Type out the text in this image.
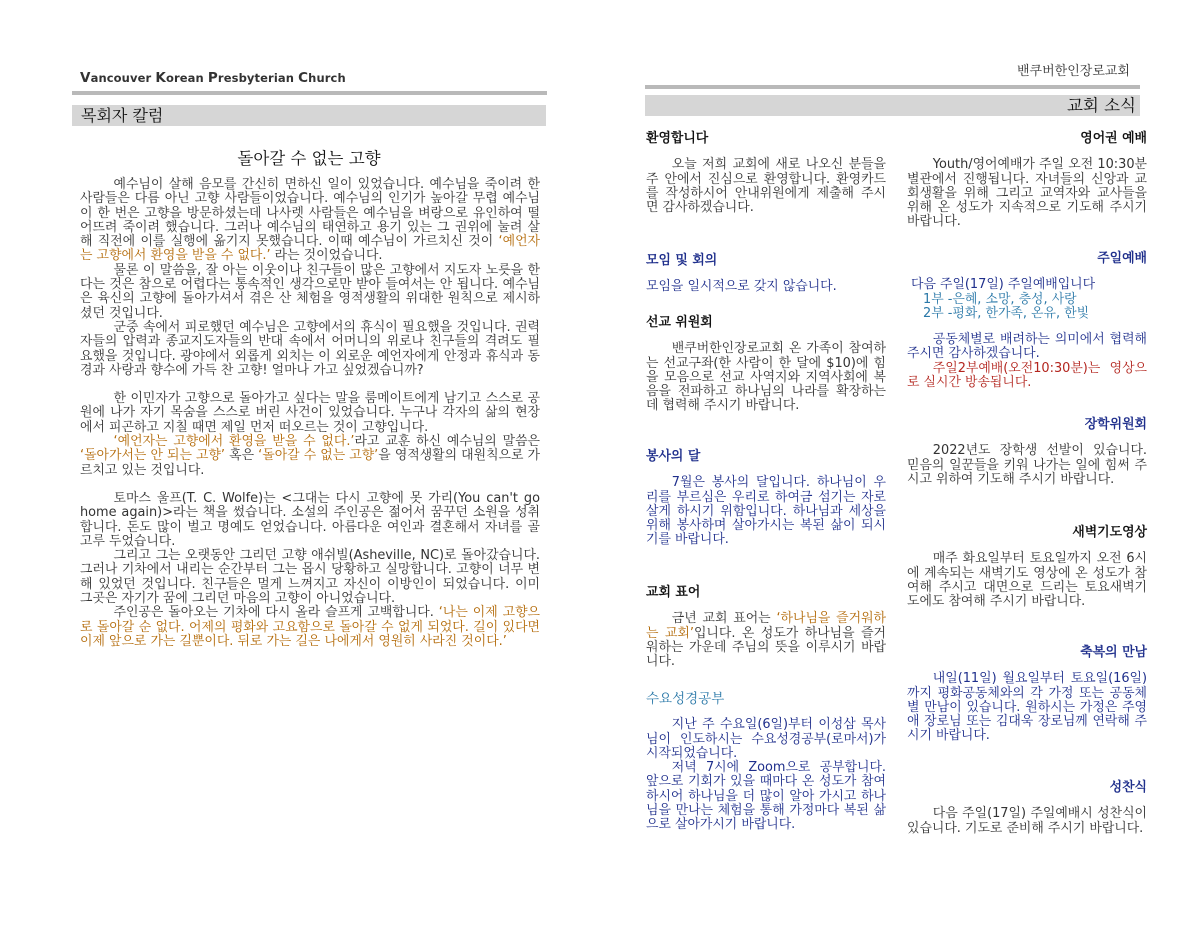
Vancouver Korean Presbyterian Church
목회자 칼럼
돌아갈 수 없는 고향

예수님이 살해 음모를 간신히 면하신 일이 있었습니다. 예수님을 죽이려 한 사람들은 다름 아닌 고향 사람들이었습니다. 예수님의 인기가 높아갈 무렵 예수님이 한 번은 고향을 방문하셨는데 나사렛 사람들은 예수님을 벼랑으로 유인하여 떨어뜨려 죽이려 했습니다. 그러나 예수님의 태연하고 용기 있는 그 권위에 눌려 살해 직전에 이를 실행에 옮기지 못했습니다. 이때 예수님이 가르치신 것이 ‘예언자는 고향에서 환영을 받을 수 없다.’ 라는 것이었습니다.

물론 이 말씀을, 잘 아는 이웃이나 친구들이 많은 고향에서 지도자 노릇을 한다는 것은 참으로 어렵다는 통속적인 생각으로만 받아 들여서는 안 됩니다. 예수님은 육신의 고향에 돌아가셔서 겪은 산 체험을 영적생활의 위대한 원칙으로 제시하셨던 것입니다.

군중 속에서 피로했던 예수님은 고향에서의 휴식이 필요했을 것입니다. 권력자들의 압력과 종교지도자들의 반대 속에서 어머니의 위로나 친구들의 격려도 필요했을 것입니다. 광야에서 외롭게 외치는 이 외로운 예언자에게 안정과 휴식과 동경과 사랑과 향수에 가득 찬 고향! 얼마나 가고 싶었겠습니까?

한 이민자가 고향으로 돌아가고 싶다는 말을 룸메이트에게 남기고 스스로 공원에 나가 자기 목숨을 스스로 버린 사건이 있었습니다. 누구나 각자의 삶의 현장에서 피곤하고 지칠 때면 제일 먼저 떠오르는 것이 고향입니다.

‘예언자는 고향에서 환영을 받을 수 없다.’라고 교훈 하신 예수님의 말씀은 ‘돌아가서는 안 되는 고향’ 혹은 ‘돌아갈 수 없는 고향’을 영적생활의 대원칙으로 가르치고 있는 것입니다.

토마스 울프(T. C. Wolfe)는 <그대는 다시 고향에 못 가리(You can't go home again)>라는 책을 썼습니다. 소설의 주인공은 젊어서 꿈꾸던 소원을 성취합니다. 돈도 많이 벌고 명예도 얻었습니다. 아름다운 여인과 결혼해서 자녀를 골고루 두었습니다.

그리고 그는 오랫동안 그리던 고향 애쉬빌(Asheville, NC)로 돌아갔습니다. 그러나 기차에서 내리는 순간부터 그는 몹시 당황하고 실망합니다. 고향이 너무 변해 있었던 것입니다. 친구들은 멀게 느껴지고 자신이 이방인이 되었습니다. 이미 그곳은 자기가 꿈에 그리던 마음의 고향이 아니었습니다.

주인공은 돌아오는 기차에 다시 올라 슬프게 고백합니다. ‘나는 이제 고향으로 돌아갈 순 없다. 어제의 평화와 고요함으로 돌아갈 수 없게 되었다. 길이 있다면 이제 앞으로 가는 길뿐이다. 뒤로 가는 길은 나에게서 영원히 사라진 것이다.’

밴쿠버한인장로교회
교회 소식
환영합니다

오늘 저희 교회에 새로 나오신 분들을 주 안에서 진심으로 환영합니다. 환영카드를 작성하시어 안내위원에게 제출해 주시면 감사하겠습니다.

모임 및 회의
모임을 일시적으로 갖지 않습니다.
선교 위원회

밴쿠버한인장로교회 온 가족이 참여하는 선교구좌(한 사람이 한 달에 $10)에 힘을 모음으로 선교 사역지와 지역사회에 복음을 전파하고 하나님의 나라를 확장하는데 협력해 주시기 바랍니다.

봉사의 달

7월은 봉사의 달입니다. 하나님이 우리를 부르심은 우리로 하여금 섬기는 자로 살게 하시기 위함입니다. 하나님과 세상을 위해 봉사하며 살아가시는 복된 삶이 되시기를 바랍니다.

교회 표어

금년 교회 표어는 ‘하나님을 즐거워하는 교회’입니다. 온 성도가 하나님을 즐거워하는 가운데 주님의 뜻을 이루시기 바랍니다.

수요성경공부

지난 주 수요일(6일)부터 이성삼 목사님이 인도하시는 수요성경공부(로마서)가 시작되었습니다.

저녁 7시에 Zoom으로 공부합니다. 앞으로 기회가 있을 때마다 온 성도가 참여하시어 하나님을 더 많이 알아 가시고 하나님을 만나는 체험을 통해 가정마다 복된 삶으로 살아가시기 바랍니다.

영어권 예배

Youth/영어예배가 주일 오전 10:30분 별관에서 진행됩니다. 자녀들의 신앙과 교회생활을 위해 그리고 교역자와 교사들을 위해 온 성도가 지속적으로 기도해 주시기 바랍니다.

주일예배
다음 주일(17일) 주일예배입니다
1부 -은혜, 소망, 충성, 사랑
2부 -평화, 한가족, 온유, 한빛

공동체별로 배려하는 의미에서 협력해 주시면 감사하겠습니다.

주일2부예배(오전10:30분)는 영상으로 실시간 방송됩니다.

장학위원회

2022년도 장학생 선발이 있습니다. 믿음의 일꾼들을 키워 나가는 일에 힘써 주시고 위하여 기도해 주시기 바랍니다.

새벽기도영상

매주 화요일부터 토요일까지 오전 6시에 계속되는 새벽기도 영상에 온 성도가 참여해 주시고 대면으로 드리는 토요새벽기도에도 참여해 주시기 바랍니다.

축복의 만남

내일(11일) 월요일부터 토요일(16일)까지 평화공동체와의 각 가정 또는 공동체별 만남이 있습니다. 원하시는 가정은 주영애 장로님 또는 김대욱 장로님께 연락해 주시기 바랍니다.

성찬식

다음 주일(17일) 주일예배시 성찬식이 있습니다. 기도로 준비해 주시기 바랍니다.
